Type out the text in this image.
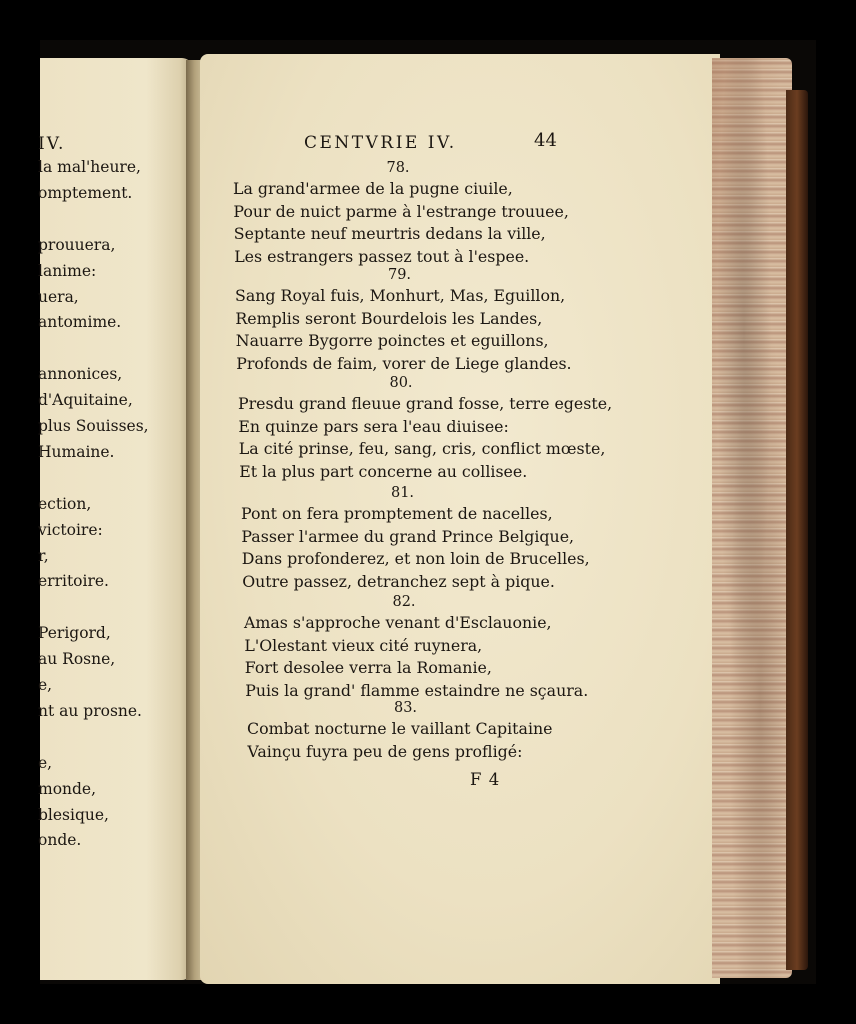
IV.
la mal'heure,
omptement.
prouuera,
lanime:
uera,
antomime.
annonices,
d'Aquitaine,
plus Souisses,
Humaine.
ection,
victoire:
r,
erritoire.
Perigord,
au Rosne,
e,
nt au prosne.
e,
monde,
blesique,
onde.
CENTVRIE IV.	44
78.
La grand'armee de la pugne ciuile,
Pour de nuict parme à l'estrange trouuee,
Septante neuf meurtris dedans la ville,
Les estrangers passez tout à l'espee.
79.
Sang Royal fuis, Monhurt, Mas, Eguillon,
Remplis seront Bourdelois les Landes,
Nauarre Bygorre poinctes et eguillons,
Profonds de faim, vorer de Liege glandes.
80.
Presdu grand fleuue grand fosse, terre egeste,
En quinze pars sera l'eau diuisee:
La cité prinse, feu, sang, cris, conflict mœste,
Et la plus part concerne au collisee.
81.
Pont on fera promptement de nacelles,
Passer l'armee du grand Prince Belgique,
Dans profonderez, et non loin de Brucelles,
Outre passez, detranchez sept à pique.
82.
Amas s'approche venant d'Esclauonie,
L'Olestant vieux cité ruynera,
Fort desolee verra la Romanie,
Puis la grand' flamme estaindre ne sçaura.
83.
Combat nocturne le vaillant Capitaine
Vainçu fuyra peu de gens profligé:
F 4
